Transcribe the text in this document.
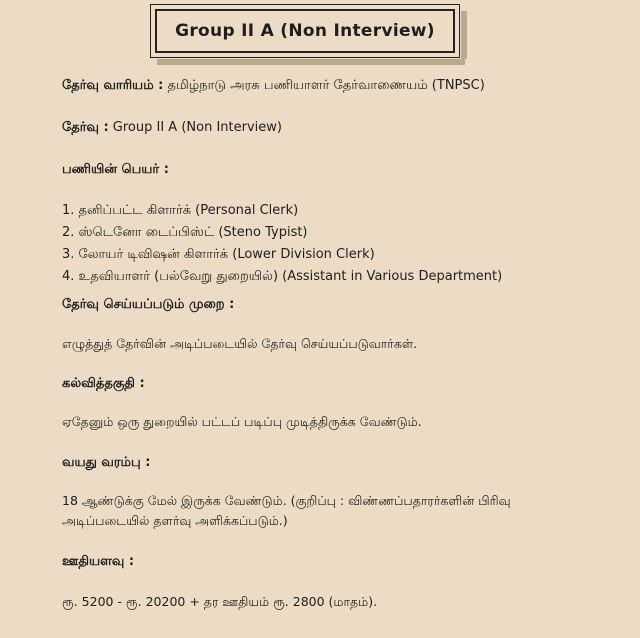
Group II A (Non Interview)
தேர்வு வாரியம் : தமிழ்நாடு அரசு பணியாளர் தேர்வாணையம் (TNPSC)
தேர்வு : Group II A (Non Interview)
பணியின் பெயர் :
1. தனிப்பட்ட கிளார்க் (Personal Clerk)
2. ஸ்டெனோ டைப்பிஸ்ட் (Steno Typist)
3. லோயர் டிவிஷன் கிளார்க் (Lower Division Clerk)
4. உதவியாளர் (பல்வேறு துறையில்) (Assistant in Various Department)
தேர்வு செய்யப்படும் முறை :
எழுத்துத் தேர்வின் அடிப்படையில் தேர்வு செய்யப்படுவார்கள்.
கல்வித்தகுதி :
ஏதேனும் ஒரு துறையில் பட்டப் படிப்பு முடித்திருக்க வேண்டும்.
வயது வரம்பு :
18 ஆண்டுக்கு மேல் இருக்க வேண்டும். (குறிப்பு : விண்ணப்பதாரர்களின் பிரிவு அடிப்படையில் தளர்வு அளிக்கப்படும்.)
ஊதியளவு :
ரூ. 5200 - ரூ. 20200 + தர ஊதியம் ரூ. 2800 (மாதம்).
